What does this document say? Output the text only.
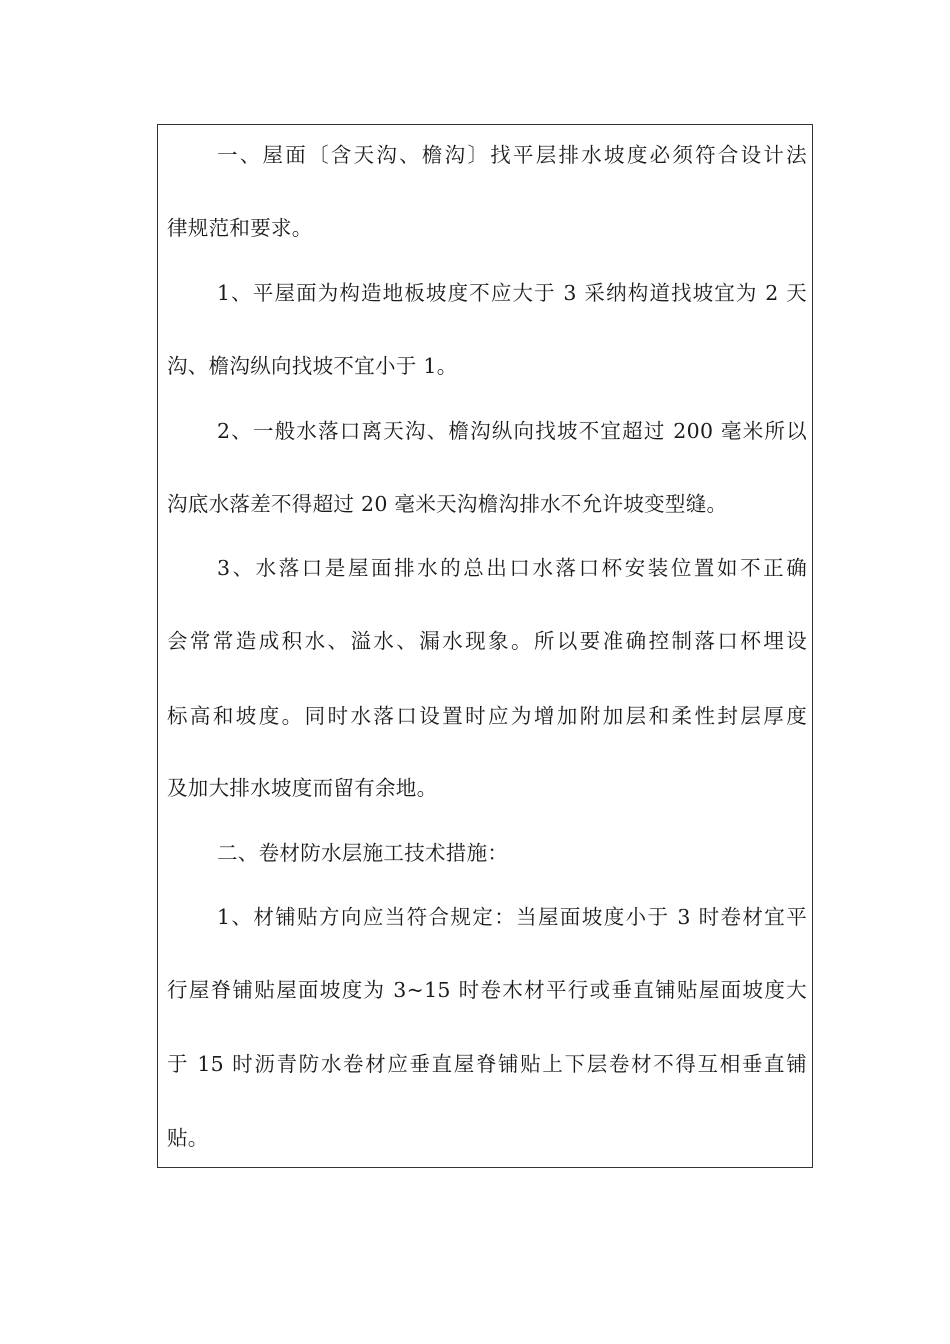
一、屋面〔含天沟、檐沟〕找平层排水坡度必须符合设计法
律规范和要求。
1、平屋面为构造地板坡度不应大于 3 采纳构道找坡宜为 2 天
沟、檐沟纵向找坡不宜小于 1。
2、一般水落口离天沟、檐沟纵向找坡不宜超过 200 毫米所以
沟底水落差不得超过 20 毫米天沟檐沟排水不允许坡变型缝。
3、水落口是屋面排水的总出口水落口杯安装位置如不正确
会常常造成积水、溢水、漏水现象。所以要准确控制落口杯埋设
标高和坡度。同时水落口设置时应为增加附加层和柔性封层厚度
及加大排水坡度而留有余地。
二、卷材防水层施工技术措施：
1、材铺贴方向应当符合规定：当屋面坡度小于 3 时卷材宜平
行屋脊铺贴屋面坡度为 3~15 时卷木材平行或垂直铺贴屋面坡度大
于 15 时沥青防水卷材应垂直屋脊铺贴上下层卷材不得互相垂直铺
贴。
